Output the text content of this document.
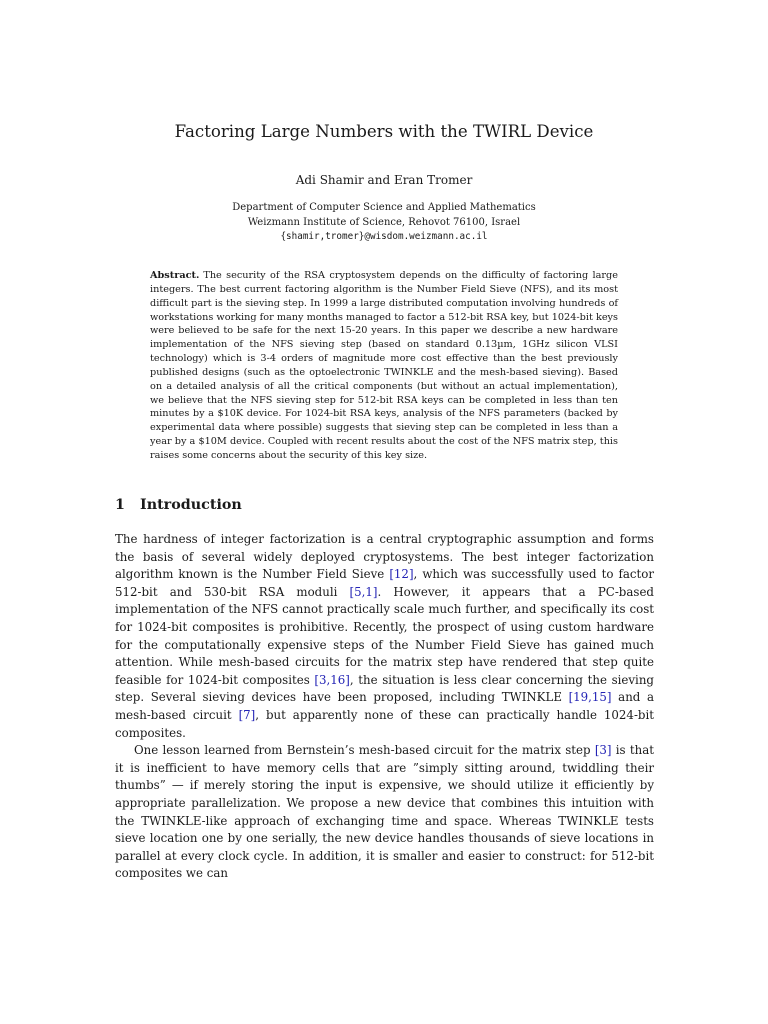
Factoring Large Numbers with the TWIRL Device
Adi Shamir and Eran Tromer
Department of Computer Science and Applied Mathematics
Weizmann Institute of Science, Rehovot 76100, Israel
{shamir,tromer}@wisdom.weizmann.ac.il
Abstract. The security of the RSA cryptosystem depends on the difficulty of factoring large integers. The best current factoring algorithm is the Number Field Sieve (NFS), and its most difficult part is the sieving step. In 1999 a large distributed computation involving hundreds of workstations working for many months managed to factor a 512-bit RSA key, but 1024-bit keys were believed to be safe for the next 15-20 years. In this paper we describe a new hardware implementation of the NFS sieving step (based on standard 0.13µm, 1GHz silicon VLSI technology) which is 3-4 orders of magnitude more cost effective than the best previously published designs (such as the optoelectronic TWINKLE and the mesh-based sieving). Based on a detailed analysis of all the critical components (but without an actual implementation), we believe that the NFS sieving step for 512-bit RSA keys can be completed in less than ten minutes by a $10K device. For 1024-bit RSA keys, analysis of the NFS parameters (backed by experimental data where possible) suggests that sieving step can be completed in less than a year by a $10M device. Coupled with recent results about the cost of the NFS matrix step, this raises some concerns about the security of this key size.
1 Introduction

The hardness of integer factorization is a central cryptographic assumption and forms the basis of several widely deployed cryptosystems. The best integer factorization algorithm known is the Number Field Sieve [12], which was successfully used to factor 512-bit and 530-bit RSA moduli [5,1]. However, it appears that a PC-based implementation of the NFS cannot practically scale much further, and specifically its cost for 1024-bit composites is prohibitive. Recently, the prospect of using custom hardware for the computationally expensive steps of the Number Field Sieve has gained much attention. While mesh-based circuits for the matrix step have rendered that step quite feasible for 1024-bit composites [3,16], the situation is less clear concerning the sieving step. Several sieving devices have been proposed, including TWINKLE [19,15] and a mesh-based circuit [7], but apparently none of these can practically handle 1024-bit composites.

One lesson learned from Bernstein’s mesh-based circuit for the matrix step [3] is that it is inefficient to have memory cells that are ”simply sitting around, twiddling their thumbs” — if merely storing the input is expensive, we should utilize it efficiently by appropriate parallelization. We propose a new device that combines this intuition with the TWINKLE-like approach of exchanging time and space. Whereas TWINKLE tests sieve location one by one serially, the new device handles thousands of sieve locations in parallel at every clock cycle. In addition, it is smaller and easier to construct: for 512-bit composites we can
